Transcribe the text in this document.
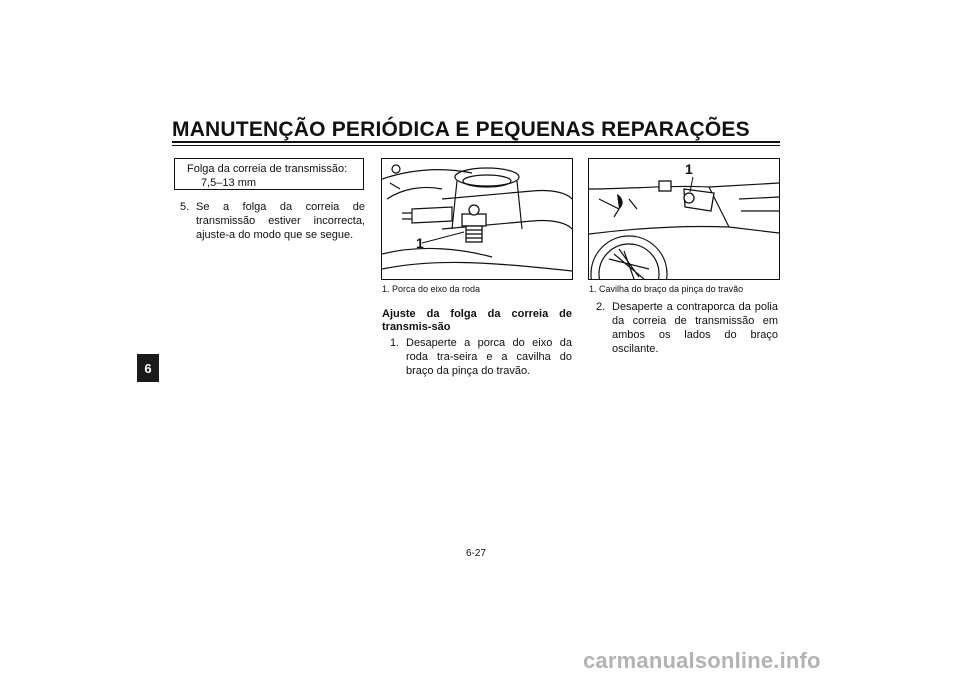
MANUTENÇÃO PERIÓDICA E PEQUENAS REPARAÇÕES
6
Folga da correia de transmissão:
7,5–13 mm
5. Se a folga da correia de transmissão estiver incorrecta, ajuste-a do modo que se segue.	1
1. Porca do eixo da roda
1
1. Cavilha do braço da pinça do travão
Ajuste da folga da correia de transmis-são
1. Desaperte a porca do eixo da roda tra-seira e a cavilha do braço da pinça do travão.
2. Desaperte a contraporca da polia da correia de transmissão em ambos os lados do braço oscilante.
6-27
carmanualsonline.info
